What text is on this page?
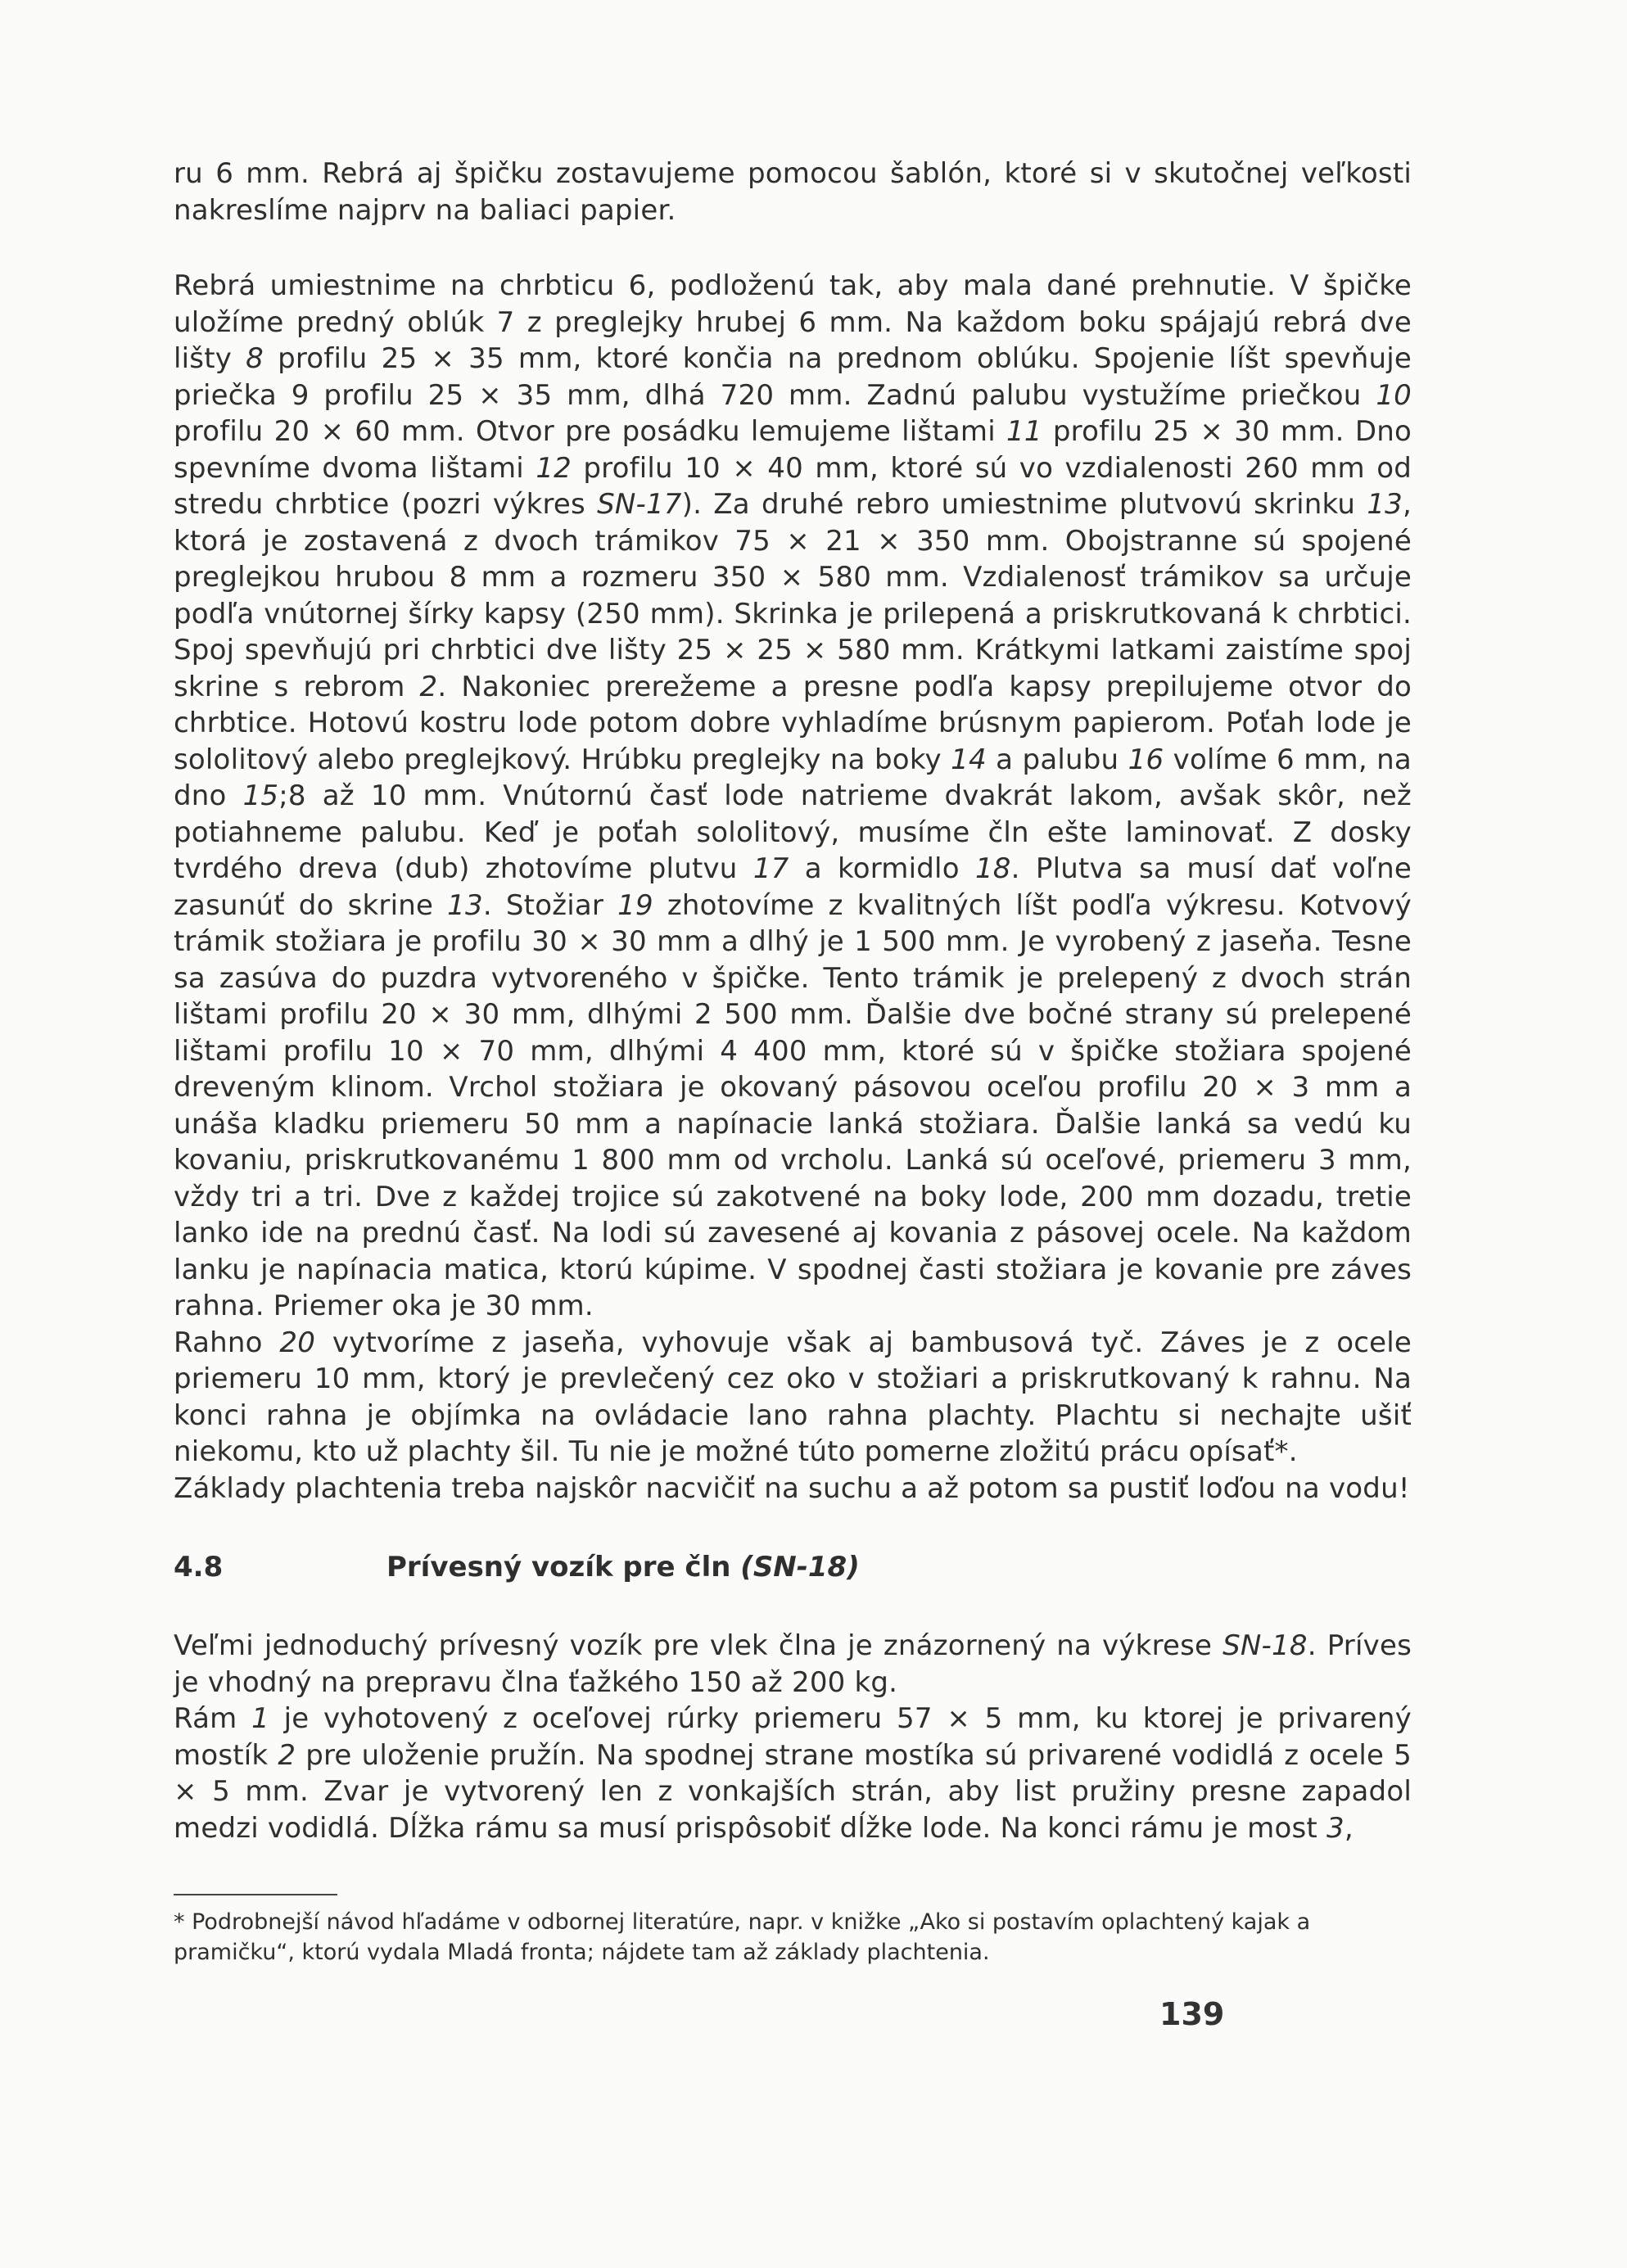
ru 6 mm. Rebrá aj špičku zostavujeme pomocou šablón, ktoré si v skutočnej veľkosti nakreslíme najprv na baliaci papier.

Rebrá umiestnime na chrbticu 6, podloženú tak, aby mala dané prehnutie. V špičke uložíme predný oblúk 7 z preglejky hrubej 6 mm. Na každom boku spájajú rebrá dve lišty 8 profilu 25 × 35 mm, ktoré končia na prednom oblúku. Spojenie líšt spevňuje priečka 9 profilu 25 × 35 mm, dlhá 720 mm. Zadnú palubu vystužíme priečkou 10 profilu 20 × 60 mm. Otvor pre posádku lemujeme lištami 11 profilu 25 × 30 mm. Dno spevníme dvoma lištami 12 profilu 10 × 40 mm, ktoré sú vo vzdialenosti 260 mm od stredu chrbtice (pozri výkres SN-17). Za druhé rebro umiestnime plutvovú skrinku 13, ktorá je zostavená z dvoch trámikov 75 × 21 × 350 mm. Obojstranne sú spojené preglejkou hrubou 8 mm a rozmeru 350 × 580 mm. Vzdialenosť trámikov sa určuje podľa vnútornej šírky kapsy (250 mm). Skrinka je prilepená a priskrutkovaná k chrbtici. Spoj spevňujú pri chrbtici dve lišty 25 × 25 × 580 mm. Krátkymi latkami zaistíme spoj skrine s rebrom 2. Nakoniec prerežeme a presne podľa kapsy prepilujeme otvor do chrbtice. Hotovú kostru lode potom dobre vyhladíme brúsnym papierom. Poťah lode je sololitový alebo preglejkový. Hrúbku preglejky na boky 14 a palubu 16 volíme 6 mm, na dno 15;8 až 10 mm. Vnútornú časť lode natrieme dvakrát lakom, avšak skôr, než potiahneme palubu. Keď je poťah sololitový, musíme čln ešte laminovať. Z dosky tvrdého dreva (dub) zhotovíme plutvu 17 a kormidlo 18. Plutva sa musí dať voľne zasunúť do skrine 13. Stožiar 19 zhotovíme z kvalitných líšt podľa výkresu. Kotvový trámik stožiara je profilu 30 × 30 mm a dlhý je 1 500 mm. Je vyrobený z jaseňa. Tesne sa zasúva do puzdra vytvoreného v špičke. Tento trámik je prelepený z dvoch strán lištami profilu 20 × 30 mm, dlhými 2 500 mm. Ďalšie dve bočné strany sú prelepené lištami profilu 10 × 70 mm, dlhými 4 400 mm, ktoré sú v špičke stožiara spojené dreveným klinom. Vrchol stožiara je okovaný pásovou oceľou profilu 20 × 3 mm a unáša kladku priemeru 50 mm a napínacie lanká stožiara. Ďalšie lanká sa vedú ku kovaniu, priskrutkovanému 1 800 mm od vrcholu. Lanká sú oceľové, priemeru 3 mm, vždy tri a tri. Dve z každej trojice sú zakotvené na boky lode, 200 mm dozadu, tretie lanko ide na prednú časť. Na lodi sú zavesené aj kovania z pásovej ocele. Na každom lanku je napínacia matica, ktorú kúpime. V spodnej časti stožiara je kovanie pre záves rahna. Priemer oka je 30 mm.

Rahno 20 vytvoríme z jaseňa, vyhovuje však aj bambusová tyč. Záves je z ocele priemeru 10 mm, ktorý je prevlečený cez oko v stožiari a priskrutkovaný k rahnu. Na konci rahna je objímka na ovládacie lano rahna plachty. Plachtu si nechajte ušiť niekomu, kto už plachty šil. Tu nie je možné túto pomerne zložitú prácu opísať*.

Základy plachtenia treba najskôr nacvičiť na suchu a až potom sa pustiť loďou na vodu!

4.8	Prívesný vozík pre čln (SN-18)

Veľmi jednoduchý prívesný vozík pre vlek člna je znázornený na výkrese SN-18. Príves je vhodný na prepravu člna ťažkého 150 až 200 kg.

Rám 1 je vyhotovený z oceľovej rúrky priemeru 57 × 5 mm, ku ktorej je privarený mostík 2 pre uloženie pružín. Na spodnej strane mostíka sú privarené vodidlá z ocele 5 × 5 mm. Zvar je vytvorený len z vonkajších strán, aby list pružiny presne zapadol medzi vodidlá. Dĺžka rámu sa musí prispôsobiť dĺžke lode. Na konci rámu je most 3,

* Podrobnejší návod hľadáme v odbornej literatúre, napr. v knižke „Ako si postavím oplachtený kajak a pramičku“, ktorú vydala Mladá fronta; nájdete tam až základy plachtenia.

139
